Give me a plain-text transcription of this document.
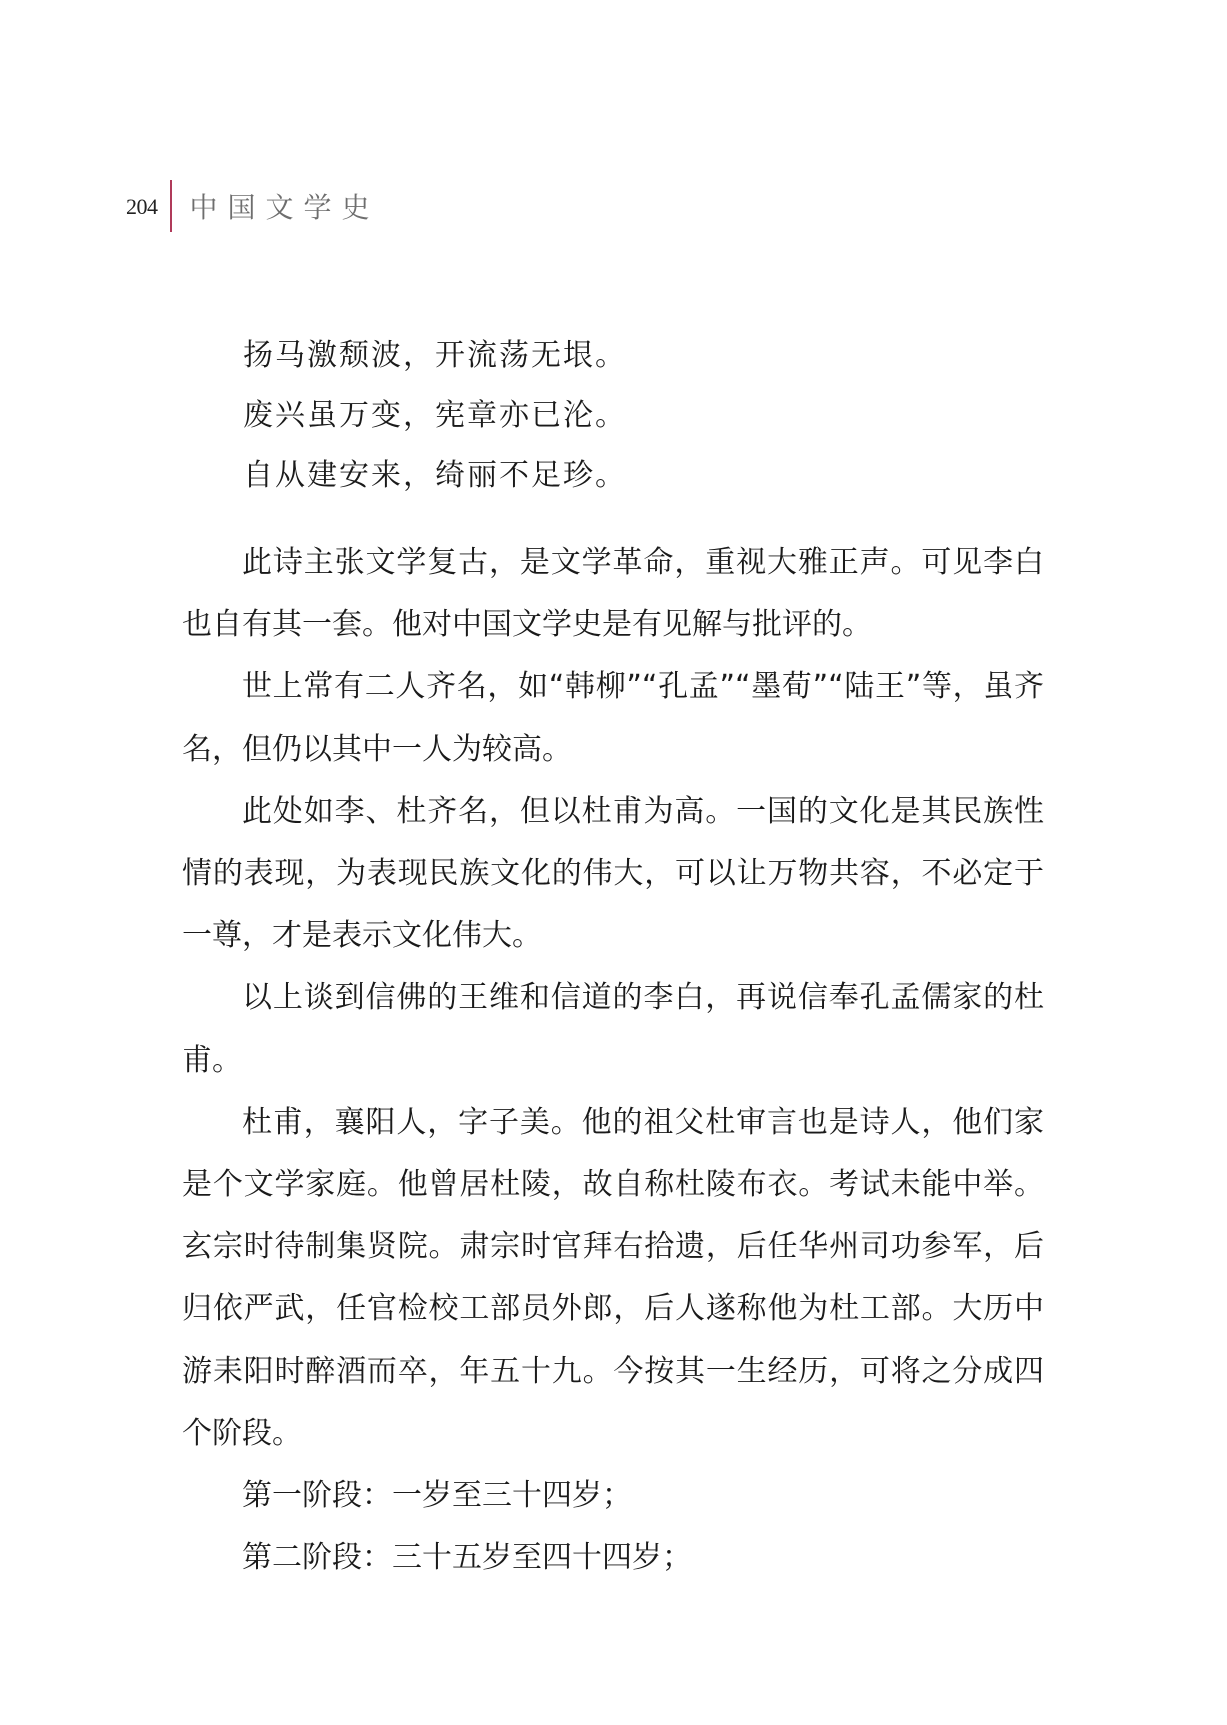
204 中国文学史
扬马激颓波，开流荡无垠。
废兴虽万变，宪章亦已沦。
自从建安来，绮丽不足珍。

此诗主张文学复古，是文学革命，重视大雅正声。可见李白也自有其一套。他对中国文学史是有见解与批评的。

世上常有二人齐名，如“韩柳”“孔孟”“墨荀”“陆王”等，虽齐名，但仍以其中一人为较高。

此处如李、杜齐名，但以杜甫为高。一国的文化是其民族性情的表现，为表现民族文化的伟大，可以让万物共容，不必定于一尊，才是表示文化伟大。

以上谈到信佛的王维和信道的李白，再说信奉孔孟儒家的杜甫。

杜甫，襄阳人，字子美。他的祖父杜审言也是诗人，他们家是个文学家庭。他曾居杜陵，故自称杜陵布衣。考试未能中举。玄宗时待制集贤院。肃宗时官拜右拾遗，后任华州司功参军，后归依严武，任官检校工部员外郎，后人遂称他为杜工部。大历中游耒阳时醉酒而卒，年五十九。今按其一生经历，可将之分成四个阶段。

第一阶段：一岁至三十四岁；

第二阶段：三十五岁至四十四岁；
